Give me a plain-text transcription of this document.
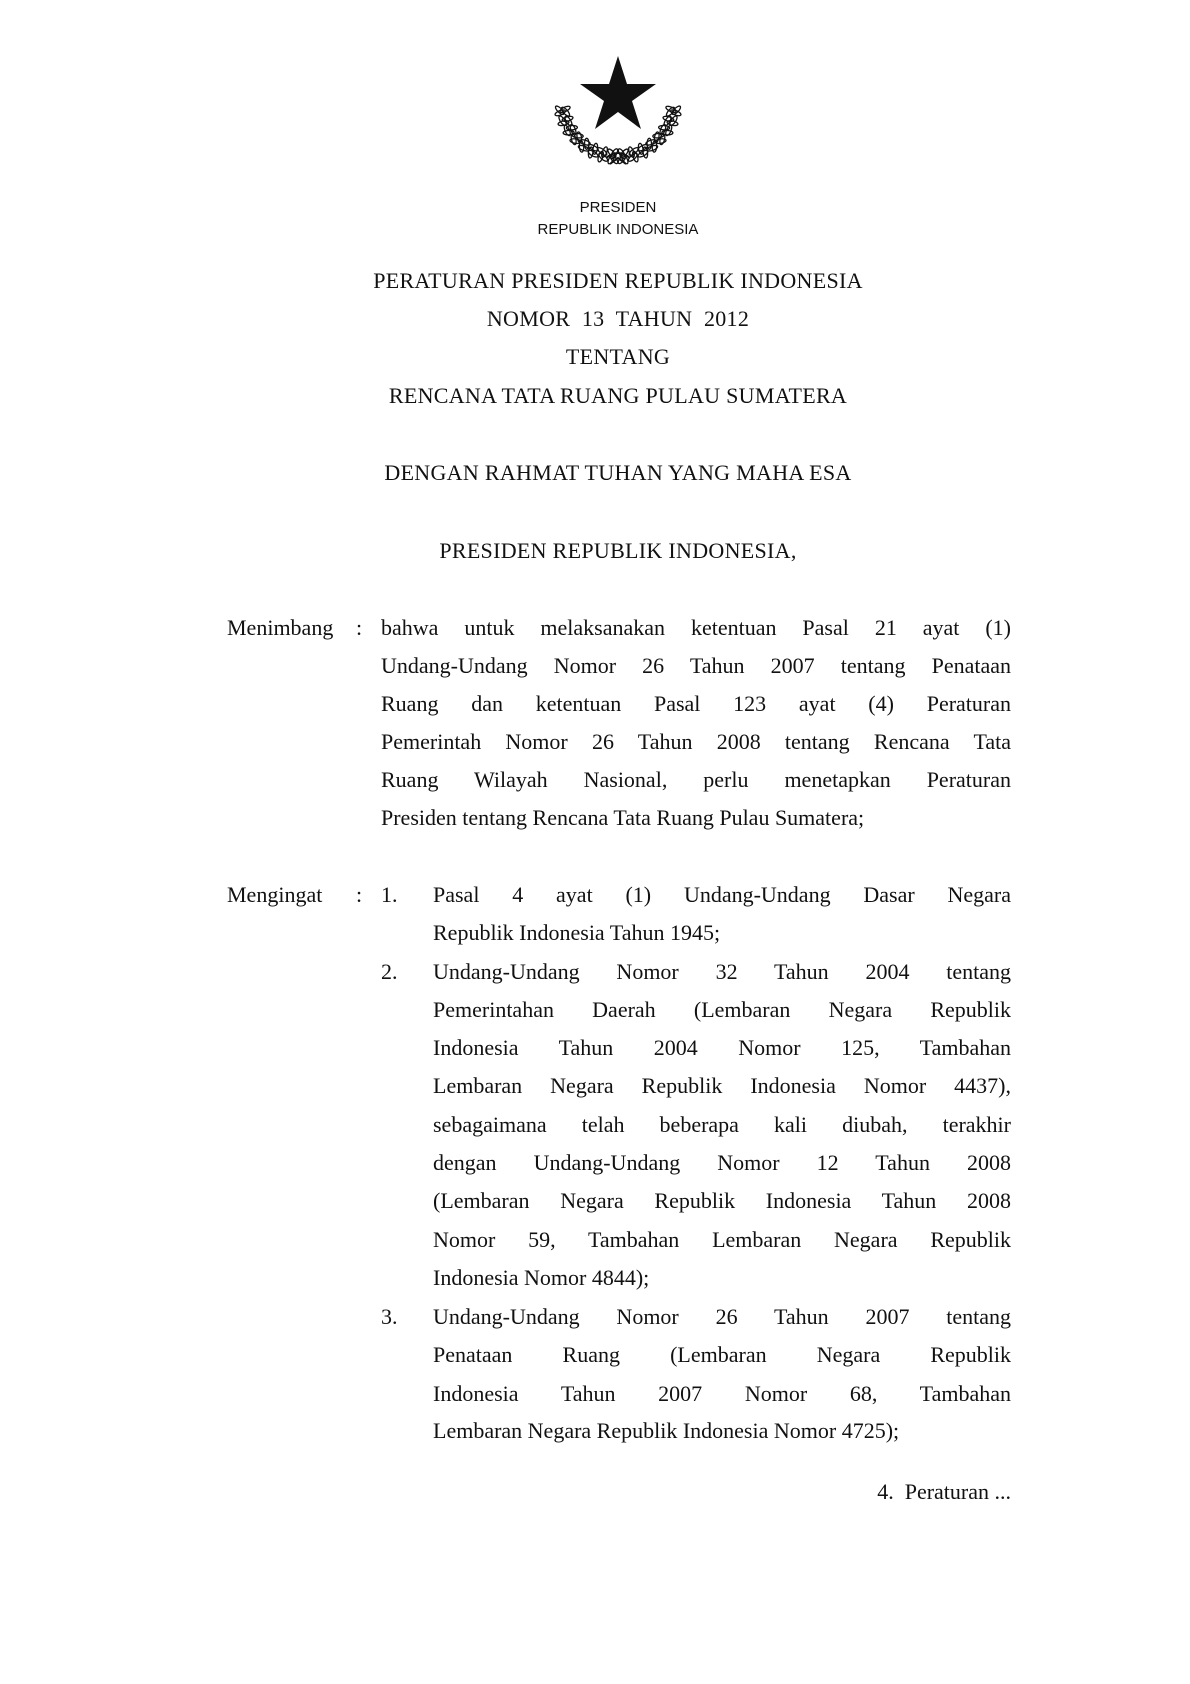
PRESIDEN
REPUBLIK INDONESIA
PERATURAN PRESIDEN REPUBLIK INDONESIA
NOMOR  13  TAHUN  2012
TENTANG
RENCANA TATA RUANG PULAU SUMATERA
DENGAN RAHMAT TUHAN YANG MAHA ESA
PRESIDEN REPUBLIK INDONESIA,
Menimbang : bahwa untuk melaksanakan ketentuan Pasal 21 ayat (1)
Undang-Undang Nomor 26 Tahun 2007 tentang Penataan
Ruang dan ketentuan Pasal 123 ayat (4) Peraturan
Pemerintah Nomor 26 Tahun 2008 tentang Rencana Tata
Ruang Wilayah Nasional, perlu menetapkan Peraturan
Presiden tentang Rencana Tata Ruang Pulau Sumatera;
Mengingat : 1. Pasal 4 ayat (1) Undang-Undang Dasar Negara
Republik Indonesia Tahun 1945;
2. Undang-Undang Nomor 32 Tahun 2004 tentang
Pemerintahan Daerah (Lembaran Negara Republik
Indonesia Tahun 2004 Nomor 125, Tambahan
Lembaran Negara Republik Indonesia Nomor 4437),
sebagaimana telah beberapa kali diubah, terakhir
dengan Undang-Undang Nomor 12 Tahun 2008
(Lembaran Negara Republik Indonesia Tahun 2008
Nomor 59, Tambahan Lembaran Negara Republik
Indonesia Nomor 4844);
3. Undang-Undang Nomor 26 Tahun 2007 tentang
Penataan Ruang (Lembaran Negara Republik
Indonesia Tahun 2007 Nomor 68, Tambahan
Lembaran Negara Republik Indonesia Nomor 4725);
4.  Peraturan ...
